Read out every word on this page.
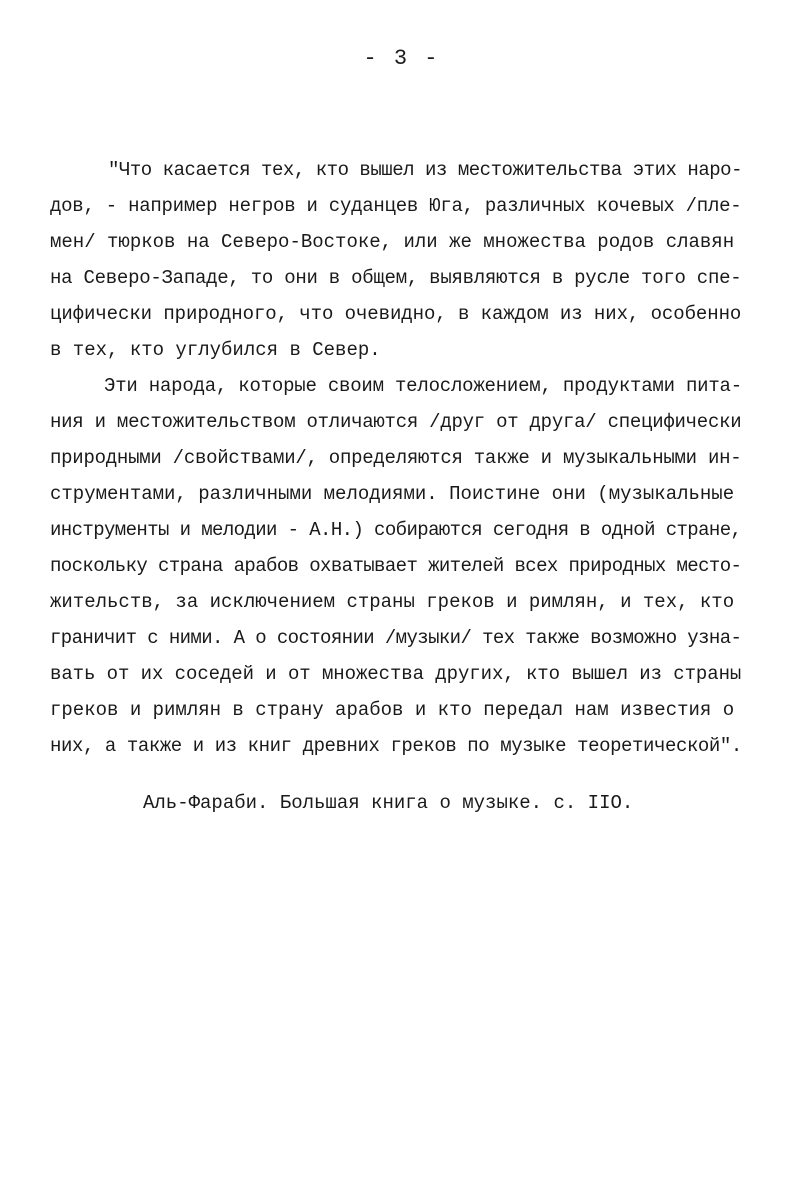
- 3 -
"Что касается тех, кто вышел из местожительства этих наро-
дов, - например негров и суданцев Юга, различных кочевых /пле-
мен/ тюрков на Северо-Востоке, или же множества родов славян
на Северо-Западе, то они в общем, выявляются в русле того спе-
цифически природного, что очевидно, в каждом из них, особенно
в тех, кто углубился в Север.
Эти народа, которые своим телосложением, продуктами пита-
ния и местожительством отличаются /друг от друга/ специфически
природными /свойствами/, определяются также и музыкальными ин-
струментами, различными мелодиями. Поистине они (музыкальные
инструменты и мелодии - А.Н.) собираются сегодня в одной стране,
поскольку страна арабов охватывает жителей всех природных место-
жительств, за исключением страны греков и римлян, и тех, кто
граничит с ними. А о состоянии /музыки/ тех также возможно узна-
вать от их соседей и от множества других, кто вышел из страны
греков и римлян в страну арабов и кто передал нам известия о
них, а также и из книг древних греков по музыке теоретической".
Аль-Фараби. Большая книга о музыке. с. IIO.
